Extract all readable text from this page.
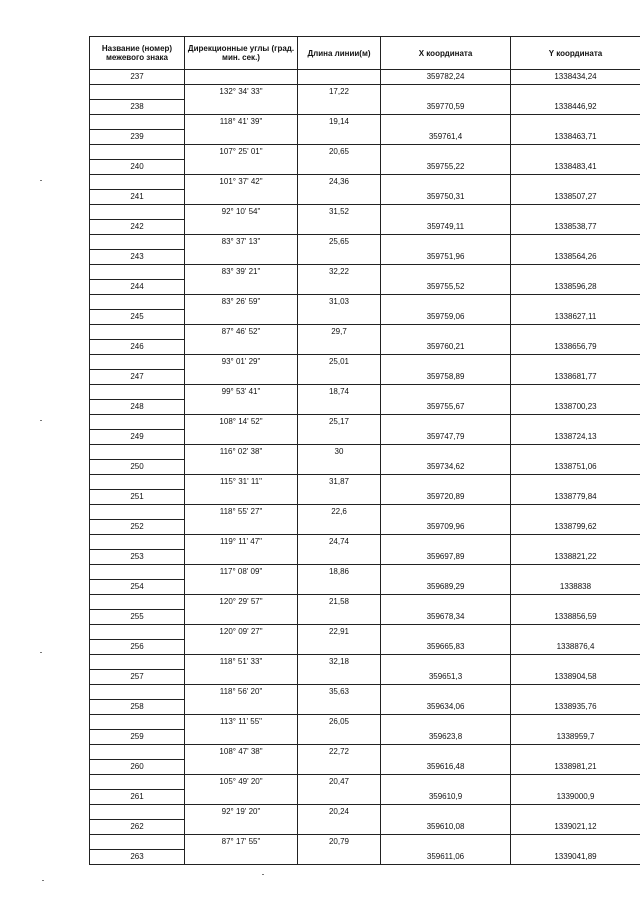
Название (номер) межевого знака	Дирекционные углы (град. мин. сек.)	Длина линии(м)	X координата	Y координата
237			359782,24	1338434,24
	132° 34' 33"	17,22		
238			359770,59	1338446,92
	118° 41' 39"	19,14		
239			359761,4	1338463,71
	107° 25' 01"	20,65		
240			359755,22	1338483,41
	101° 37' 42"	24,36		
241			359750,31	1338507,27
	92° 10' 54"	31,52		
242			359749,11	1338538,77
	83° 37' 13"	25,65		
243			359751,96	1338564,26
	83° 39' 21"	32,22		
244			359755,52	1338596,28
	83° 26' 59"	31,03		
245			359759,06	1338627,11
	87° 46' 52"	29,7		
246			359760,21	1338656,79
	93° 01' 29"	25,01		
247			359758,89	1338681,77
	99° 53' 41"	18,74		
248			359755,67	1338700,23
	108° 14' 52"	25,17		
249			359747,79	1338724,13
	116° 02' 38"	30		
250			359734,62	1338751,06
	115° 31' 11"	31,87		
251			359720,89	1338779,84
	118° 55' 27"	22,6		
252			359709,96	1338799,62
	119° 11' 47"	24,74		
253			359697,89	1338821,22
	117° 08' 09"	18,86		
254			359689,29	1338838
	120° 29' 57"	21,58		
255			359678,34	1338856,59
	120° 09' 27"	22,91		
256			359665,83	1338876,4
	118° 51' 33"	32,18		
257			359651,3	1338904,58
	118° 56' 20"	35,63		
258			359634,06	1338935,76
	113° 11' 55"	26,05		
259			359623,8	1338959,7
	108° 47' 38"	22,72		
260			359616,48	1338981,21
	105° 49' 20"	20,47		
261			359610,9	1339000,9
	92° 19' 20"	20,24		
262			359610,08	1339021,12
	87° 17' 55"	20,79		
263			359611,06	1339041,89
